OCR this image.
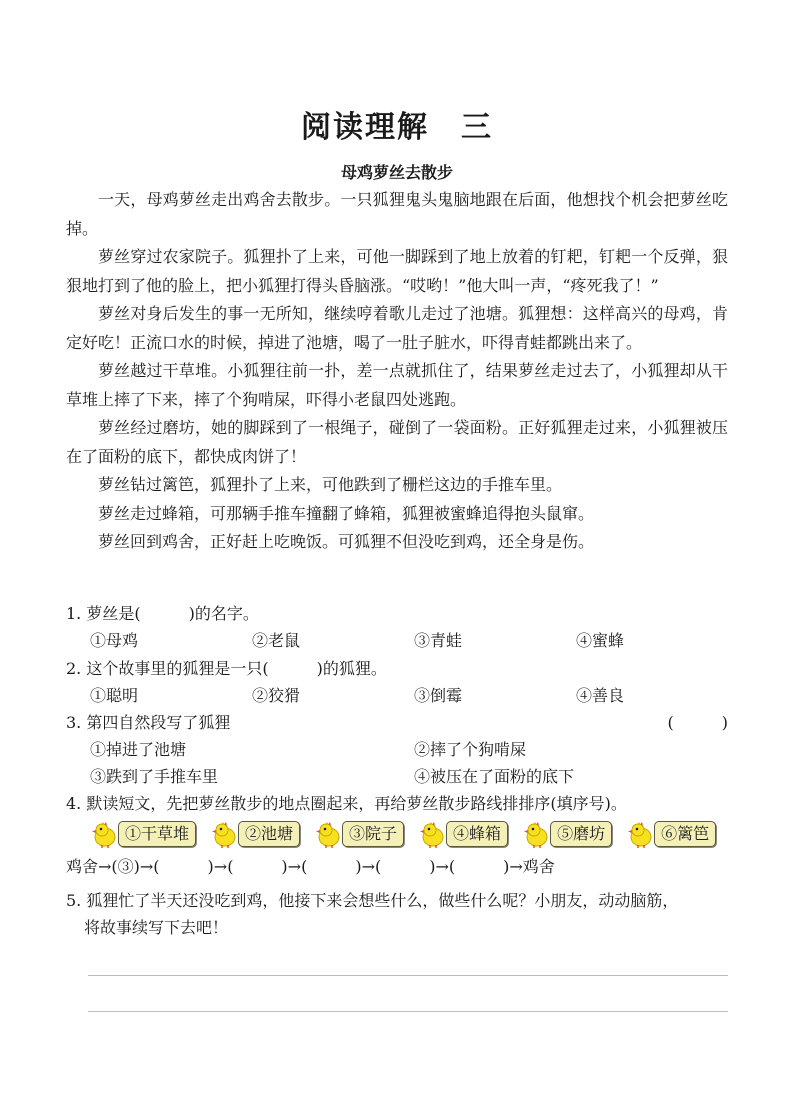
阅读理解　三
母鸡萝丝去散步

一天，母鸡萝丝走出鸡舍去散步。一只狐狸鬼头鬼脑地跟在后面，他想找个机会把萝丝吃掉。

萝丝穿过农家院子。狐狸扑了上来，可他一脚踩到了地上放着的钉耙，钉耙一个反弹，狠狠地打到了他的脸上，把小狐狸打得头昏脑涨。“哎哟！”他大叫一声，“疼死我了！”

萝丝对身后发生的事一无所知，继续哼着歌儿走过了池塘。狐狸想：这样高兴的母鸡，肯定好吃！正流口水的时候，掉进了池塘，喝了一肚子脏水，吓得青蛙都跳出来了。

萝丝越过干草堆。小狐狸往前一扑，差一点就抓住了，结果萝丝走过去了，小狐狸却从干草堆上摔了下来，摔了个狗啃屎，吓得小老鼠四处逃跑。

萝丝经过磨坊，她的脚踩到了一根绳子，碰倒了一袋面粉。正好狐狸走过来，小狐狸被压在了面粉的底下，都快成肉饼了！

萝丝钻过篱笆，狐狸扑了上来，可他跌到了栅栏这边的手推车里。

萝丝走过蜂箱，可那辆手推车撞翻了蜂箱，狐狸被蜜蜂追得抱头鼠窜。

萝丝回到鸡舍，正好赶上吃晚饭。可狐狸不但没吃到鸡，还全身是伤。

1. 萝丝是(　　　)的名字。
①母鸡	②老鼠	③青蛙	④蜜蜂
2. 这个故事里的狐狸是一只(　　　)的狐狸。
①聪明	②狡猾	③倒霉	④善良
3. 第四自然段写了狐狸	(　　　)
①掉进了池塘	②摔了个狗啃屎
③跌到了手推车里	④被压在了面粉的底下
4. 默读短文，先把萝丝散步的地点圈起来，再给萝丝散步路线排排序(填序号)。
①干草堆	②池塘	③院子	④蜂箱	⑤磨坊	⑥篱笆
鸡舍→(③)→(　　　)→(　　　)→(　　　)→(　　　)→(　　　)→鸡舍
5. 狐狸忙了半天还没吃到鸡，他接下来会想些什么，做些什么呢？小朋友，动动脑筋，
将故事续写下去吧！
